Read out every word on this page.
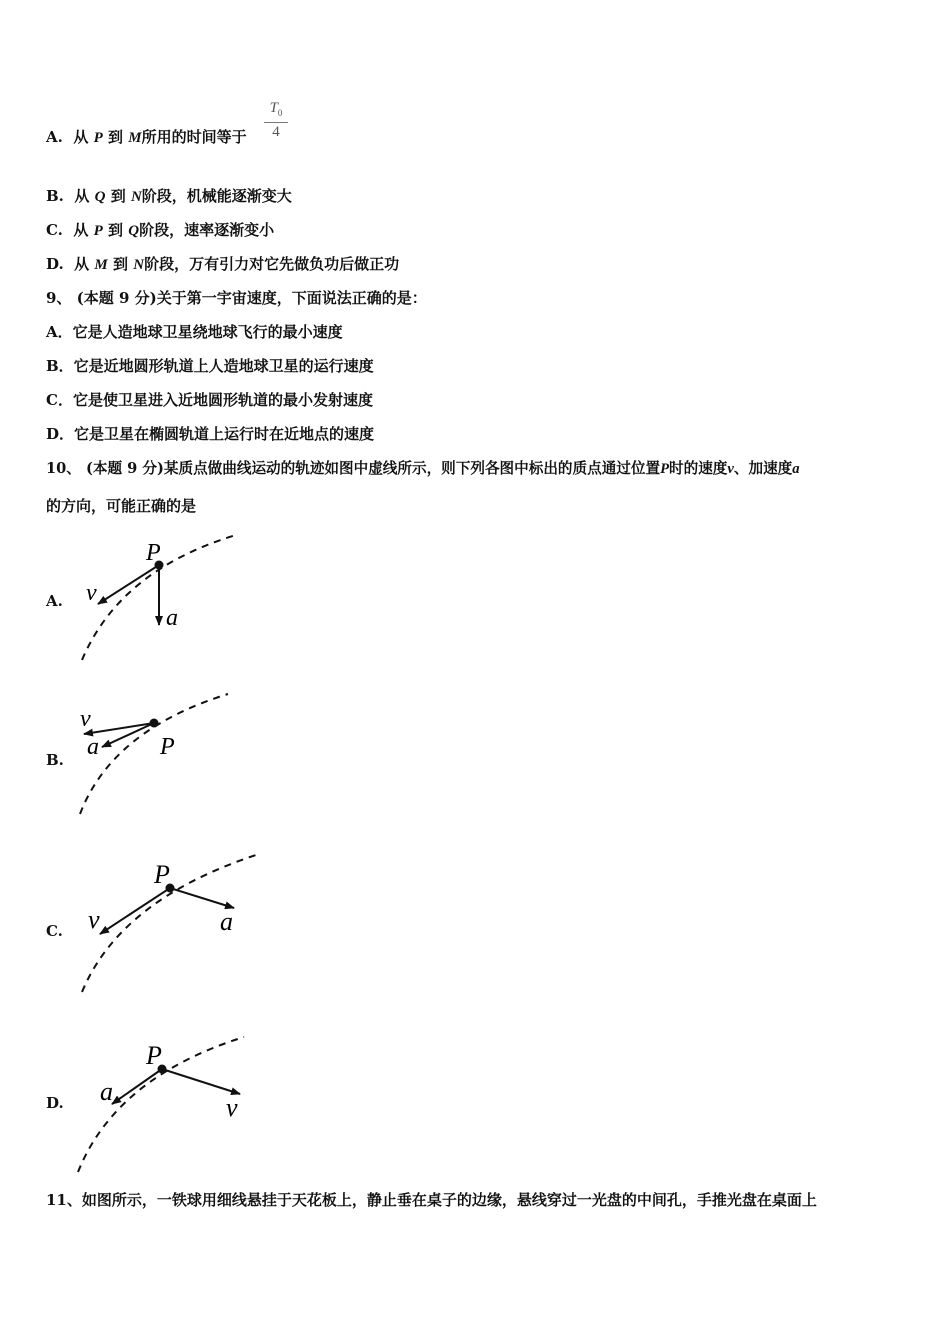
A. 从 P 到 M所用的时间等于
$T_0$
4
B. 从 Q 到 N阶段，机械能逐渐变大
C. 从 P 到 Q阶段，速率逐渐变小
D. 从 M 到 N阶段，万有引力对它先做负功后做正功
9、 (本题 9 分)关于第一宇宙速度，下面说法正确的是：
A．它是人造地球卫星绕地球飞行的最小速度
B．它是近地圆形轨道上人造地球卫星的运行速度
C．它是使卫星进入近地圆形轨道的最小发射速度
D．它是卫星在椭圆轨道上运行时在近地点的速度
10、 (本题 9 分)某质点做曲线运动的轨迹如图中虚线所示，则下列各图中标出的质点通过位置P时的速度v、加速度a
的方向，可能正确的是
A.
P
v
a
B.
v
a	P
C.
P
v	a
D.
P
a
v
11、如图所示，一铁球用细线悬挂于天花板上，静止垂在桌子的边缘，悬线穿过一光盘的中间孔，手推光盘在桌面上
